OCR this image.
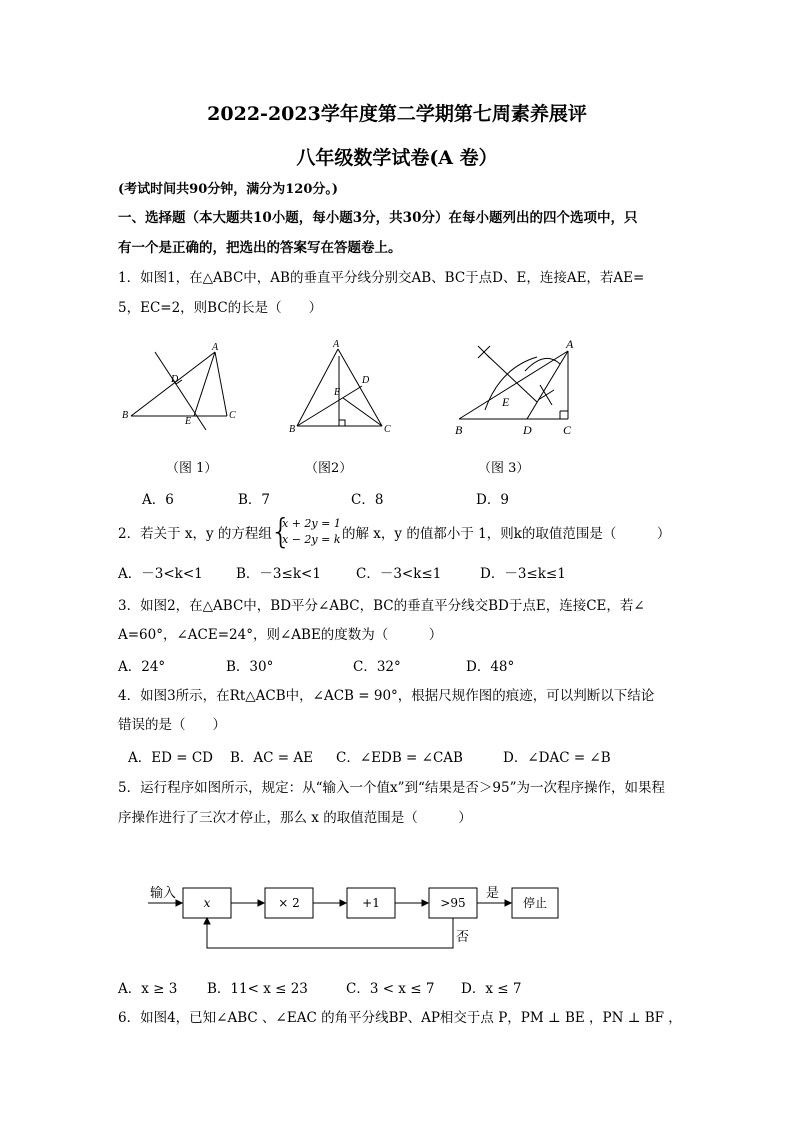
2022-2023学年度第二学期第七周素养展评
八年级数学试卷(A 卷）
(考试时间共90分钟，满分为120分。)
一、选择题（本大题共10小题，每小题3分，共30分）在每小题列出的四个选项中，只
有一个是正确的，把选出的答案写在答题卷上。
1．如图1，在△ABC中，AB的垂直平分线分别交AB、BC于点D、E，连接AE，若AE=
5，EC=2，则BC的长是（　　）
A
B	C
D
E
A
B	C
D
E
A
B	C
D
E
（图 1）	（图2）	（图 3）
A．6	B．7	C．8	D．9
2．若关于 x，y 的方程组
{
x + 2y = 1
x − 2y = k 的解 x，y 的值都小于 1，则k的取值范围是（　　　）
A．－3<k<1 B．－3≤k<1	C．－3<k≤1	D．－3≤k≤1
3．如图2，在△ABC中，BD平分∠ABC，BC的垂直平分线交BD于点E，连接CE，若∠
A=60°，∠ACE=24°，则∠ABE的度数为（　　　）
A．24°	B．30°	C．32°	D．48°
4．如图3所示，在Rt△ACB中，∠ACB = 90°，根据尺规作图的痕迹，可以判断以下结论
错误的是（　　）
A．ED = CD B．AC = AE C．∠EDB = ∠CAB	D．∠DAC = ∠B
5．运行程序如图所示，规定：从“输入一个值x”到“结果是否＞95”为一次程序操作，如果程
序操作进行了三次才停止，那么 x 的取值范围是（　　　）
输入
x	× 2	+1	>95	停止
是
否
A．x ≥ 3 B．11< x ≤ 23	C．3 < x ≤ 7 D．x ≤ 7
6．如图4，已知∠ABC 、∠EAC 的角平分线BP、AP相交于点 P，PM ⊥ BE ，PN ⊥ BF ，
